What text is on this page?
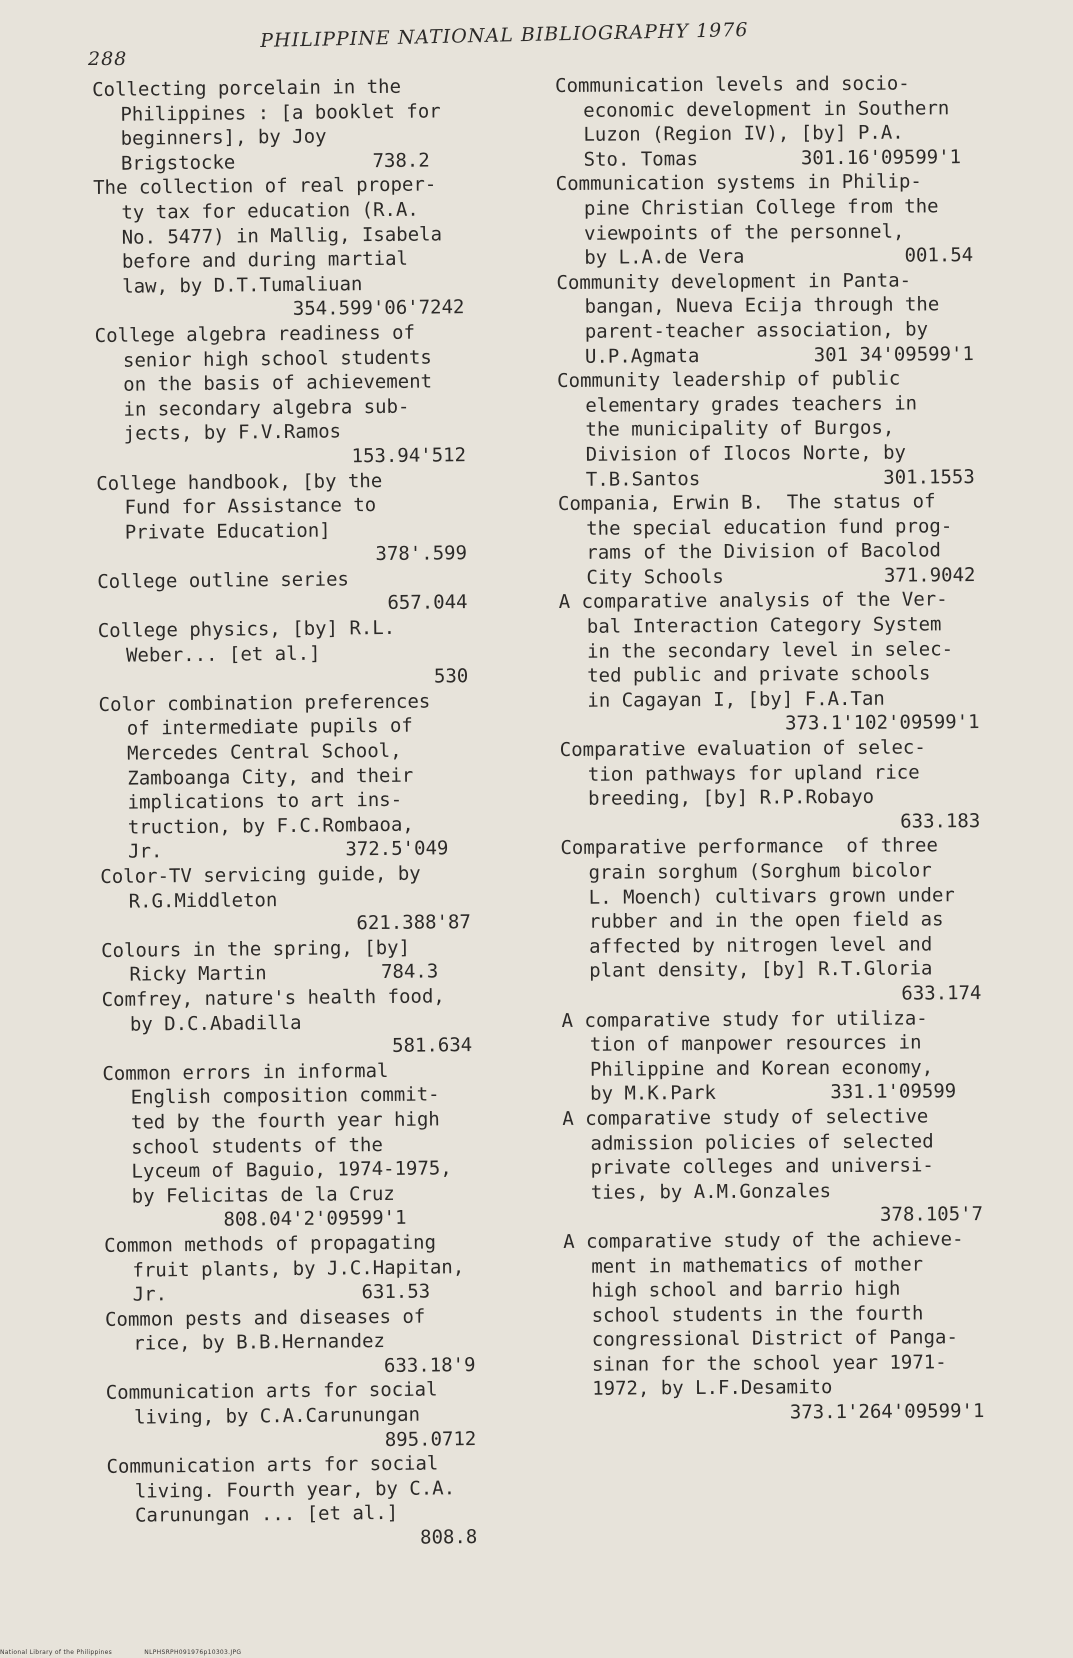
288
PHILIPPINE NATIONAL BIBLIOGRAPHY 1976
Collecting porcelain in the
Philippines : [a booklet for
beginners], by Joy
Brigstocke            738.2
The collection of real proper-
ty tax for education (R.A.
No. 5477) in Mallig, Isabela
before and during martial
law, by D.T.Tumaliuan
354.599'06'7242
College algebra readiness of
senior high school students
on the basis of achievement
in secondary algebra sub-
jects, by F.V.Ramos
153.94'512
College handbook, [by the
Fund for Assistance to
Private Education]
378'.599
College outline series
657.044
College physics, [by] R.L.
Weber... [et al.]
530
Color combination preferences
of intermediate pupils of
Mercedes Central School,
Zamboanga City, and their
implications to art ins-
truction, by F.C.Rombaoa,
Jr.                372.5'049
Color-TV servicing guide, by
R.G.Middleton
621.388'87
Colours in the spring, [by]
Ricky Martin          784.3
Comfrey, nature's health food,
by D.C.Abadilla
581.634
Common errors in informal
English composition commit-
ted by the fourth year high
school students of the
Lyceum of Baguio, 1974-1975,
by Felicitas de la Cruz
808.04'2'09599'1
Common methods of propagating
fruit plants, by J.C.Hapitan,
Jr.                 631.53
Common pests and diseases of
rice, by B.B.Hernandez
633.18'9
Communication arts for social
living, by C.A.Carunungan
895.0712
Communication arts for social
living. Fourth year, by C.A.
Carunungan ... [et al.]
808.8
Communication levels and socio-
economic development in Southern
Luzon (Region IV), [by] P.A.
Sto. Tomas         301.16'09599'1
Communication systems in Philip-
pine Christian College from the
viewpoints of the personnel,
by L.A.de Vera              001.54
Community development in Panta-
bangan, Nueva Ecija through the
parent-teacher association, by
U.P.Agmata          301 34'09599'1
Community leadership of public
elementary grades teachers in
the municipality of Burgos,
Division of Ilocos Norte, by
T.B.Santos                301.1553
Compania, Erwin B.  The status of
the special education fund prog-
rams of the Division of Bacolod
City Schools              371.9042
A comparative analysis of the Ver-
bal Interaction Category System
in the secondary level in selec-
ted public and private schools
in Cagayan I, [by] F.A.Tan
373.1'102'09599'1
Comparative evaluation of selec-
tion pathways for upland rice
breeding, [by] R.P.Robayo
633.183
Comparative performance  of three
grain sorghum (Sorghum bicolor
L. Moench) cultivars grown under
rubber and in the open field as
affected by nitrogen level and
plant density, [by] R.T.Gloria
633.174
A comparative study for utiliza-
tion of manpower resources in
Philippine and Korean economy,
by M.K.Park          331.1'09599
A comparative study of selective
admission policies of selected
private colleges and universi-
ties, by A.M.Gonzales
378.105'7
A comparative study of the achieve-
ment in mathematics of mother
high school and barrio high
school students in the fourth
congressional District of Panga-
sinan for the school year 1971-
1972, by L.F.Desamito
373.1'264'09599'1
National Library of the Philippines	NLPHSRPH091976p10303.JPG
